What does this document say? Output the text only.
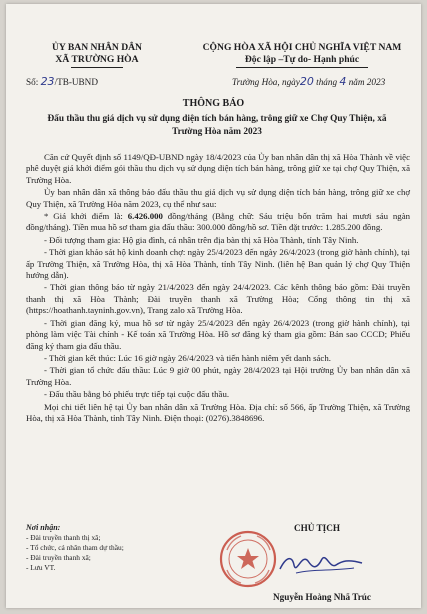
ỦY BAN NHÂN DÂN
XÃ TRƯỜNG HÒA
CỘNG HÒA XÃ HỘI CHỦ NGHĨA VIỆT NAM
Độc lập –Tự do- Hạnh phúc
Số: 23/TB-UBND	Trường Hòa, ngày20 tháng 4 năm 2023
THÔNG BÁO
Đấu thầu thu giá dịch vụ sử dụng diện tích bán hàng, trông giữ xe Chợ Quy Thiện, xã Trường Hòa năm 2023

Căn cứ Quyết định số 1149/QĐ-UBND ngày 18/4/2023 của Ủy ban nhân dân thị xã Hòa Thành về việc phê duyệt giá khởi điểm gói thầu thu dịch vụ sử dụng diện tích bán hàng, trông giữ xe tại chợ Quy Thiện, xã Trường Hòa.

Ủy ban nhân dân xã thông báo đấu thầu thu giá dịch vụ sử dụng diện tích bán hàng, trông giữ xe chợ Quy Thiện, xã Trường Hòa năm 2023, cụ thể như sau:

* Giá khởi điểm là: 6.426.000 đồng/tháng (Bằng chữ: Sáu triệu bốn trăm hai mươi sáu ngàn đồng/tháng). Tiền mua hồ sơ tham gia đấu thầu: 300.000 đồng/hồ sơ. Tiền đặt trước: 1.285.200 đồng.

- Đối tượng tham gia: Hộ gia đình, cá nhân trên địa bàn thị xã Hòa Thành, tỉnh Tây Ninh.

- Thời gian khảo sát hộ kinh doanh chợ: ngày 25/4/2023 đến ngày 26/4/2023 (trong giờ hành chính), tại ấp Trường Thiện, xã Trường Hòa, thị xã Hòa Thành, tỉnh Tây Ninh. (liên hệ Ban quản lý chợ Quy Thiện hướng dẫn).

- Thời gian thông báo từ ngày 21/4/2023 đến ngày 24/4/2023. Các kênh thông báo gồm: Đài truyền thanh thị xã Hòa Thành; Đài truyền thanh xã Trường Hòa; Cổng thông tin thị xã (https://hoathanh.tayninh.gov.vn), Trang zalo xã Trường Hòa.

- Thời gian đăng ký, mua hồ sơ từ ngày 25/4/2023 đến ngày 26/4/2023 (trong giờ hành chính), tại phòng làm việc Tài chính - Kế toán xã Trường Hòa. Hồ sơ đăng ký tham gia gồm: Bản sao CCCD; Phiếu đăng ký tham gia đấu thầu.

- Thời gian kết thúc: Lúc 16 giờ ngày 26/4/2023 và tiến hành niêm yết danh sách.

- Thời gian tổ chức đấu thầu: Lúc 9 giờ 00 phút, ngày 28/4/2023 tại Hội trường Ủy ban nhân dân xã Trường Hòa.

- Đấu thầu bằng bỏ phiếu trực tiếp tại cuộc đấu thầu.

Mọi chi tiết liên hệ tại Ủy ban nhân dân xã Trường Hòa. Địa chỉ: số 566, ấp Trường Thiện, xã Trường Hòa, thị xã Hòa Thành, tỉnh Tây Ninh. Điện thoại: (0276).3848696.

Nơi nhận:
- Đài truyền thanh thị xã;
- Tổ chức, cá nhân tham dự thầu;
- Đài truyền thanh xã;
- Lưu VT.
CHỦ TỊCH
Nguyễn Hoàng Nhã Trúc
